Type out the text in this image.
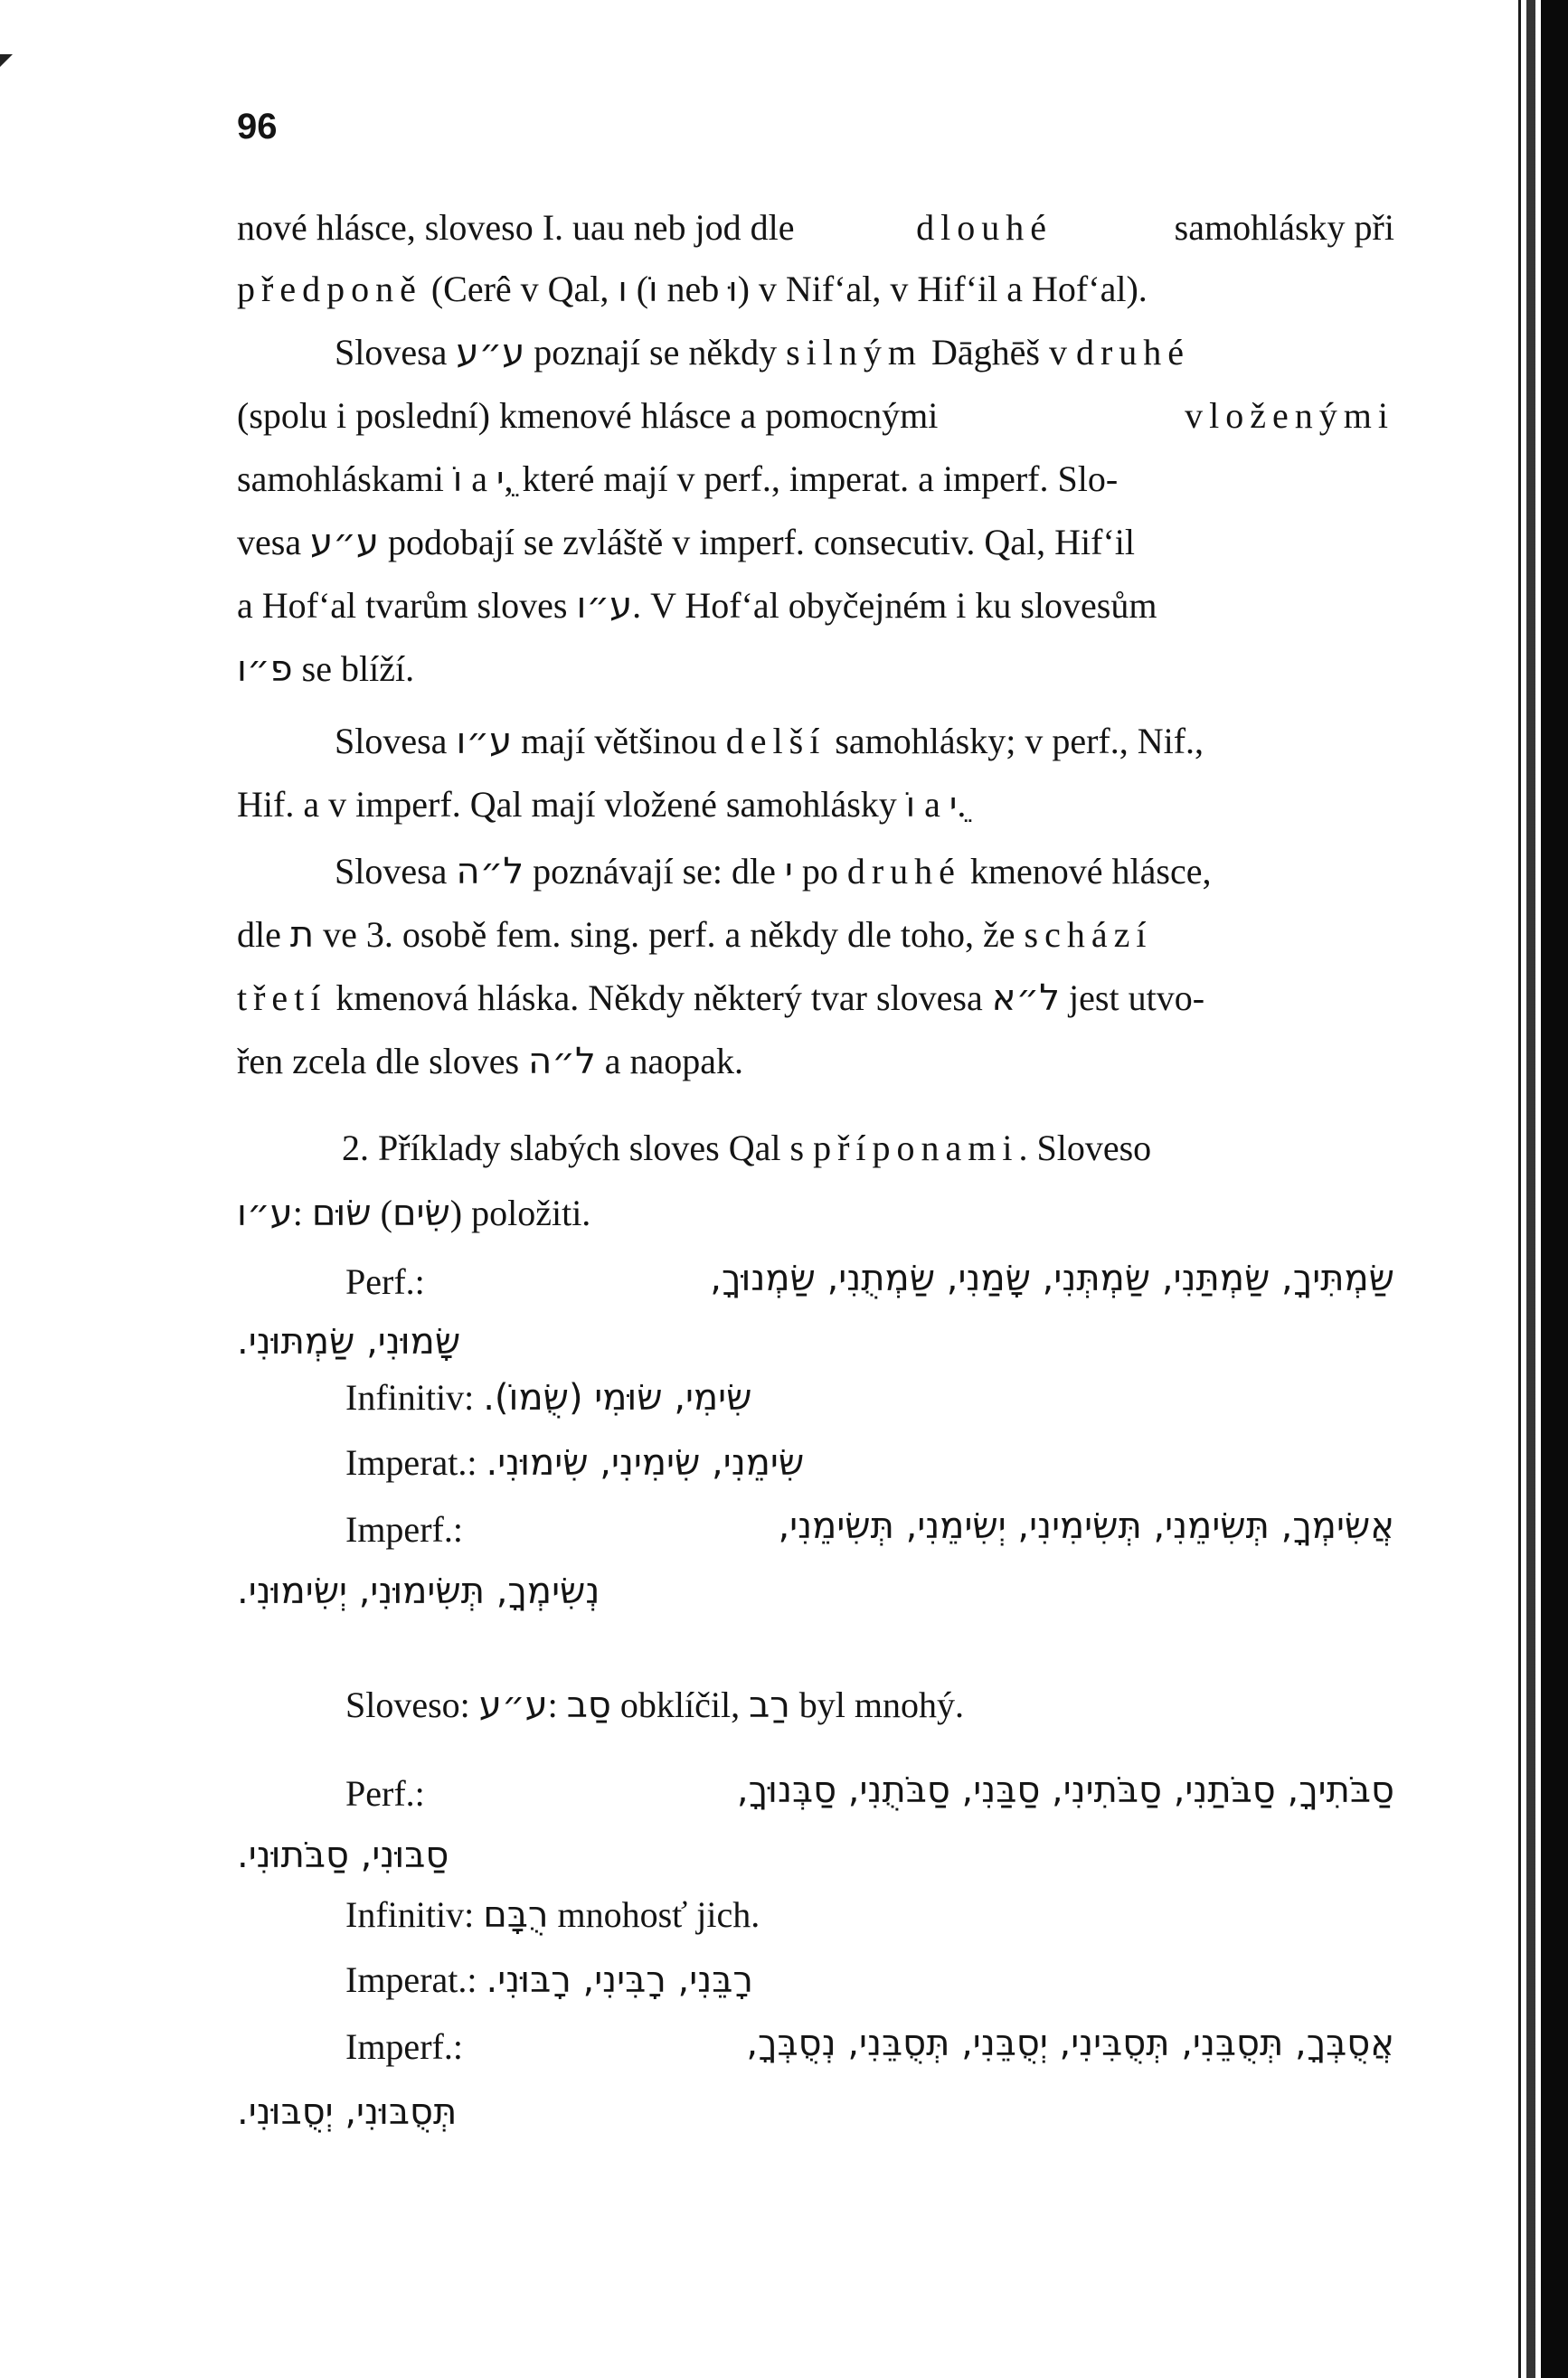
96
nové hlásce, sloveso I. uau neb jod dle	dlouhé	samohlásky při
předponě (Cerê v Qal, ו (וֹ neb וּ) v Nif‘al, v Hif‘il a Hof‘al).
Slovesa ע״ע poznají se někdy silným Dāghēš v druhé
(spolu i poslední) kmenové hlásce a pomocnými	vloženými
samohláskami וֹ a ֵי, které mají v perf., imperat. a imperf. Slo-
vesa ע״ע podobají se zvláště v imperf. consecutiv. Qal, Hif‘il
a Hof‘al tvarům sloves ע״ו. V Hof‘al obyčejném i ku slovesům
פ״ו se blíží.
Slovesa ע״ו mají většinou delší samohlásky; v perf., Nif.,
Hif. a v imperf. Qal mají vložené samohlásky וֹ a ֵי.
Slovesa ל״ה poznávají se: dle י po druhé kmenové hlásce,
dle ת ve 3. osobě fem. sing. perf. a někdy dle toho, že schází
třetí kmenová hláska. Někdy některý tvar slovesa ל״א jest utvo-
řen zcela dle sloves ל״ה a naopak.
2. Příklady slabých sloves Qal s příponami. Sloveso
ע״ו: שׂוּם (שִׂים) položiti.
Perf.:	שַׂמְתִּיךָ, שַׂמְתַּנִי, שַׂמְתְּנִי, שָׂמַנִי, שַׂמְתֻנִי, שַׂמְנוּךָ,
שָׂמוּנִי, שַׂמְתּוּנִי.
Infinitiv: שִׂימִי, שׂוּמִי (שֻׂמוֹ).
Imperat.: שִׂימֵנִי, שִׂימִינִי, שִׂימוּנִי.
Imperf.:	אֲשִׂימְךָ, תְּשִׂימֵנִי, תְּשִׂימִינִי, יְשִׂימֵנִי, תְּשִׂימֵנִי,
נְשִׂימְךָ, תְּשִׂימוּנִי, יְשִׂימוּנִי.
Sloveso: ע״ע: סַב obklíčil, רַב byl mnohý.
Perf.:	סַבֹּתִיךָ, סַבֹּתַנִי, סַבֹּתִינִי, סַבַּנִי, סַבֹּתֻנִי, סַבְּנוּךָ,
סַבּוּנִי, סַבֹּתוּנִי.
Infinitiv: רֻבָּם mnohosť jich.
Imperat.: רָבֵּנִי, רָבִּינִי, רָבּוּנִי.
Imperf.:	אֲסֻבְּךָ, תְּסֻבֵּנִי, תְּסֻבִּינִי, יְסֻבֵּנִי, תְּסֻבֵּנִי, נְסֻבְּךָ,
תְּסֻבּוּנִי, יְסֻבּוּנִי.
